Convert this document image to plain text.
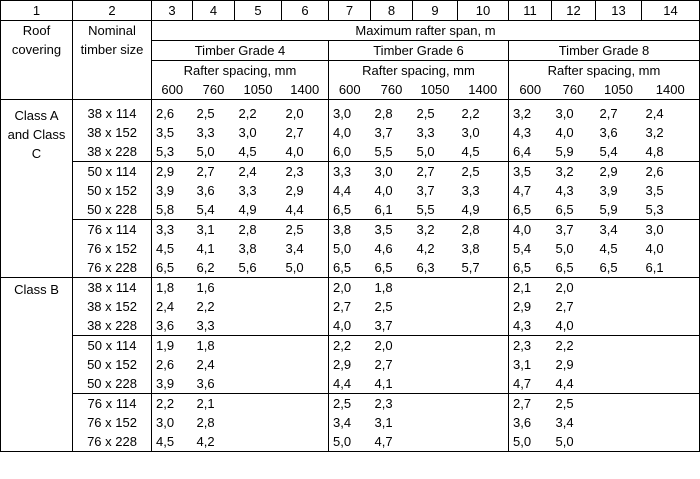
1	2	3	4	5	6	7	8	9	10	11	12	13	14
Roof covering	Nominal timber size	Maximum rafter span, m											
		Timber Grade 4				Timber Grade 6				Timber Grade 8			
		Rafter spacing, mm				Rafter spacing, mm				Rafter spacing, mm			
		600	760	1050	1400	600	760	1050	1400	600	760	1050	1400

Class A and Class C	38 x 114	2,6	2,5	2,2	2,0	3,0	2,8	2,5	2,2	3,2	3,0	2,7	2,4
	38 x 152	3,5	3,3	3,0	2,7	4,0	3,7	3,3	3,0	4,3	4,0	3,6	3,2
	38 x 228	5,3	5,0	4,5	4,0	6,0	5,5	5,0	4,5	6,4	5,9	5,4	4,8
	50 x 114	2,9	2,7	2,4	2,3	3,3	3,0	2,7	2,5	3,5	3,2	2,9	2,6
	50 x 152	3,9	3,6	3,3	2,9	4,4	4,0	3,7	3,3	4,7	4,3	3,9	3,5
	50 x 228	5,8	5,4	4,9	4,4	6,5	6,1	5,5	4,9	6,5	6,5	5,9	5,3
	76 x 114	3,3	3,1	2,8	2,5	3,8	3,5	3,2	2,8	4,0	3,7	3,4	3,0
	76 x 152	4,5	4,1	3,8	3,4	5,0	4,6	4,2	3,8	5,4	5,0	4,5	4,0
	76 x 228	6,5	6,2	5,6	5,0	6,5	6,5	6,3	5,7	6,5	6,5	6,5	6,1
Class B	38 x 114	1,8	1,6			2,0	1,8			2,1	2,0		
	38 x 152	2,4	2,2			2,7	2,5			2,9	2,7		
	38 x 228	3,6	3,3			4,0	3,7			4,3	4,0		
	50 x 114	1,9	1,8			2,2	2,0			2,3	2,2		
	50 x 152	2,6	2,4			2,9	2,7			3,1	2,9		
	50 x 228	3,9	3,6			4,4	4,1			4,7	4,4		
	76 x 114	2,2	2,1			2,5	2,3			2,7	2,5		
	76 x 152	3,0	2,8			3,4	3,1			3,6	3,4		
	76 x 228	4,5	4,2			5,0	4,7			5,0	5,0		
